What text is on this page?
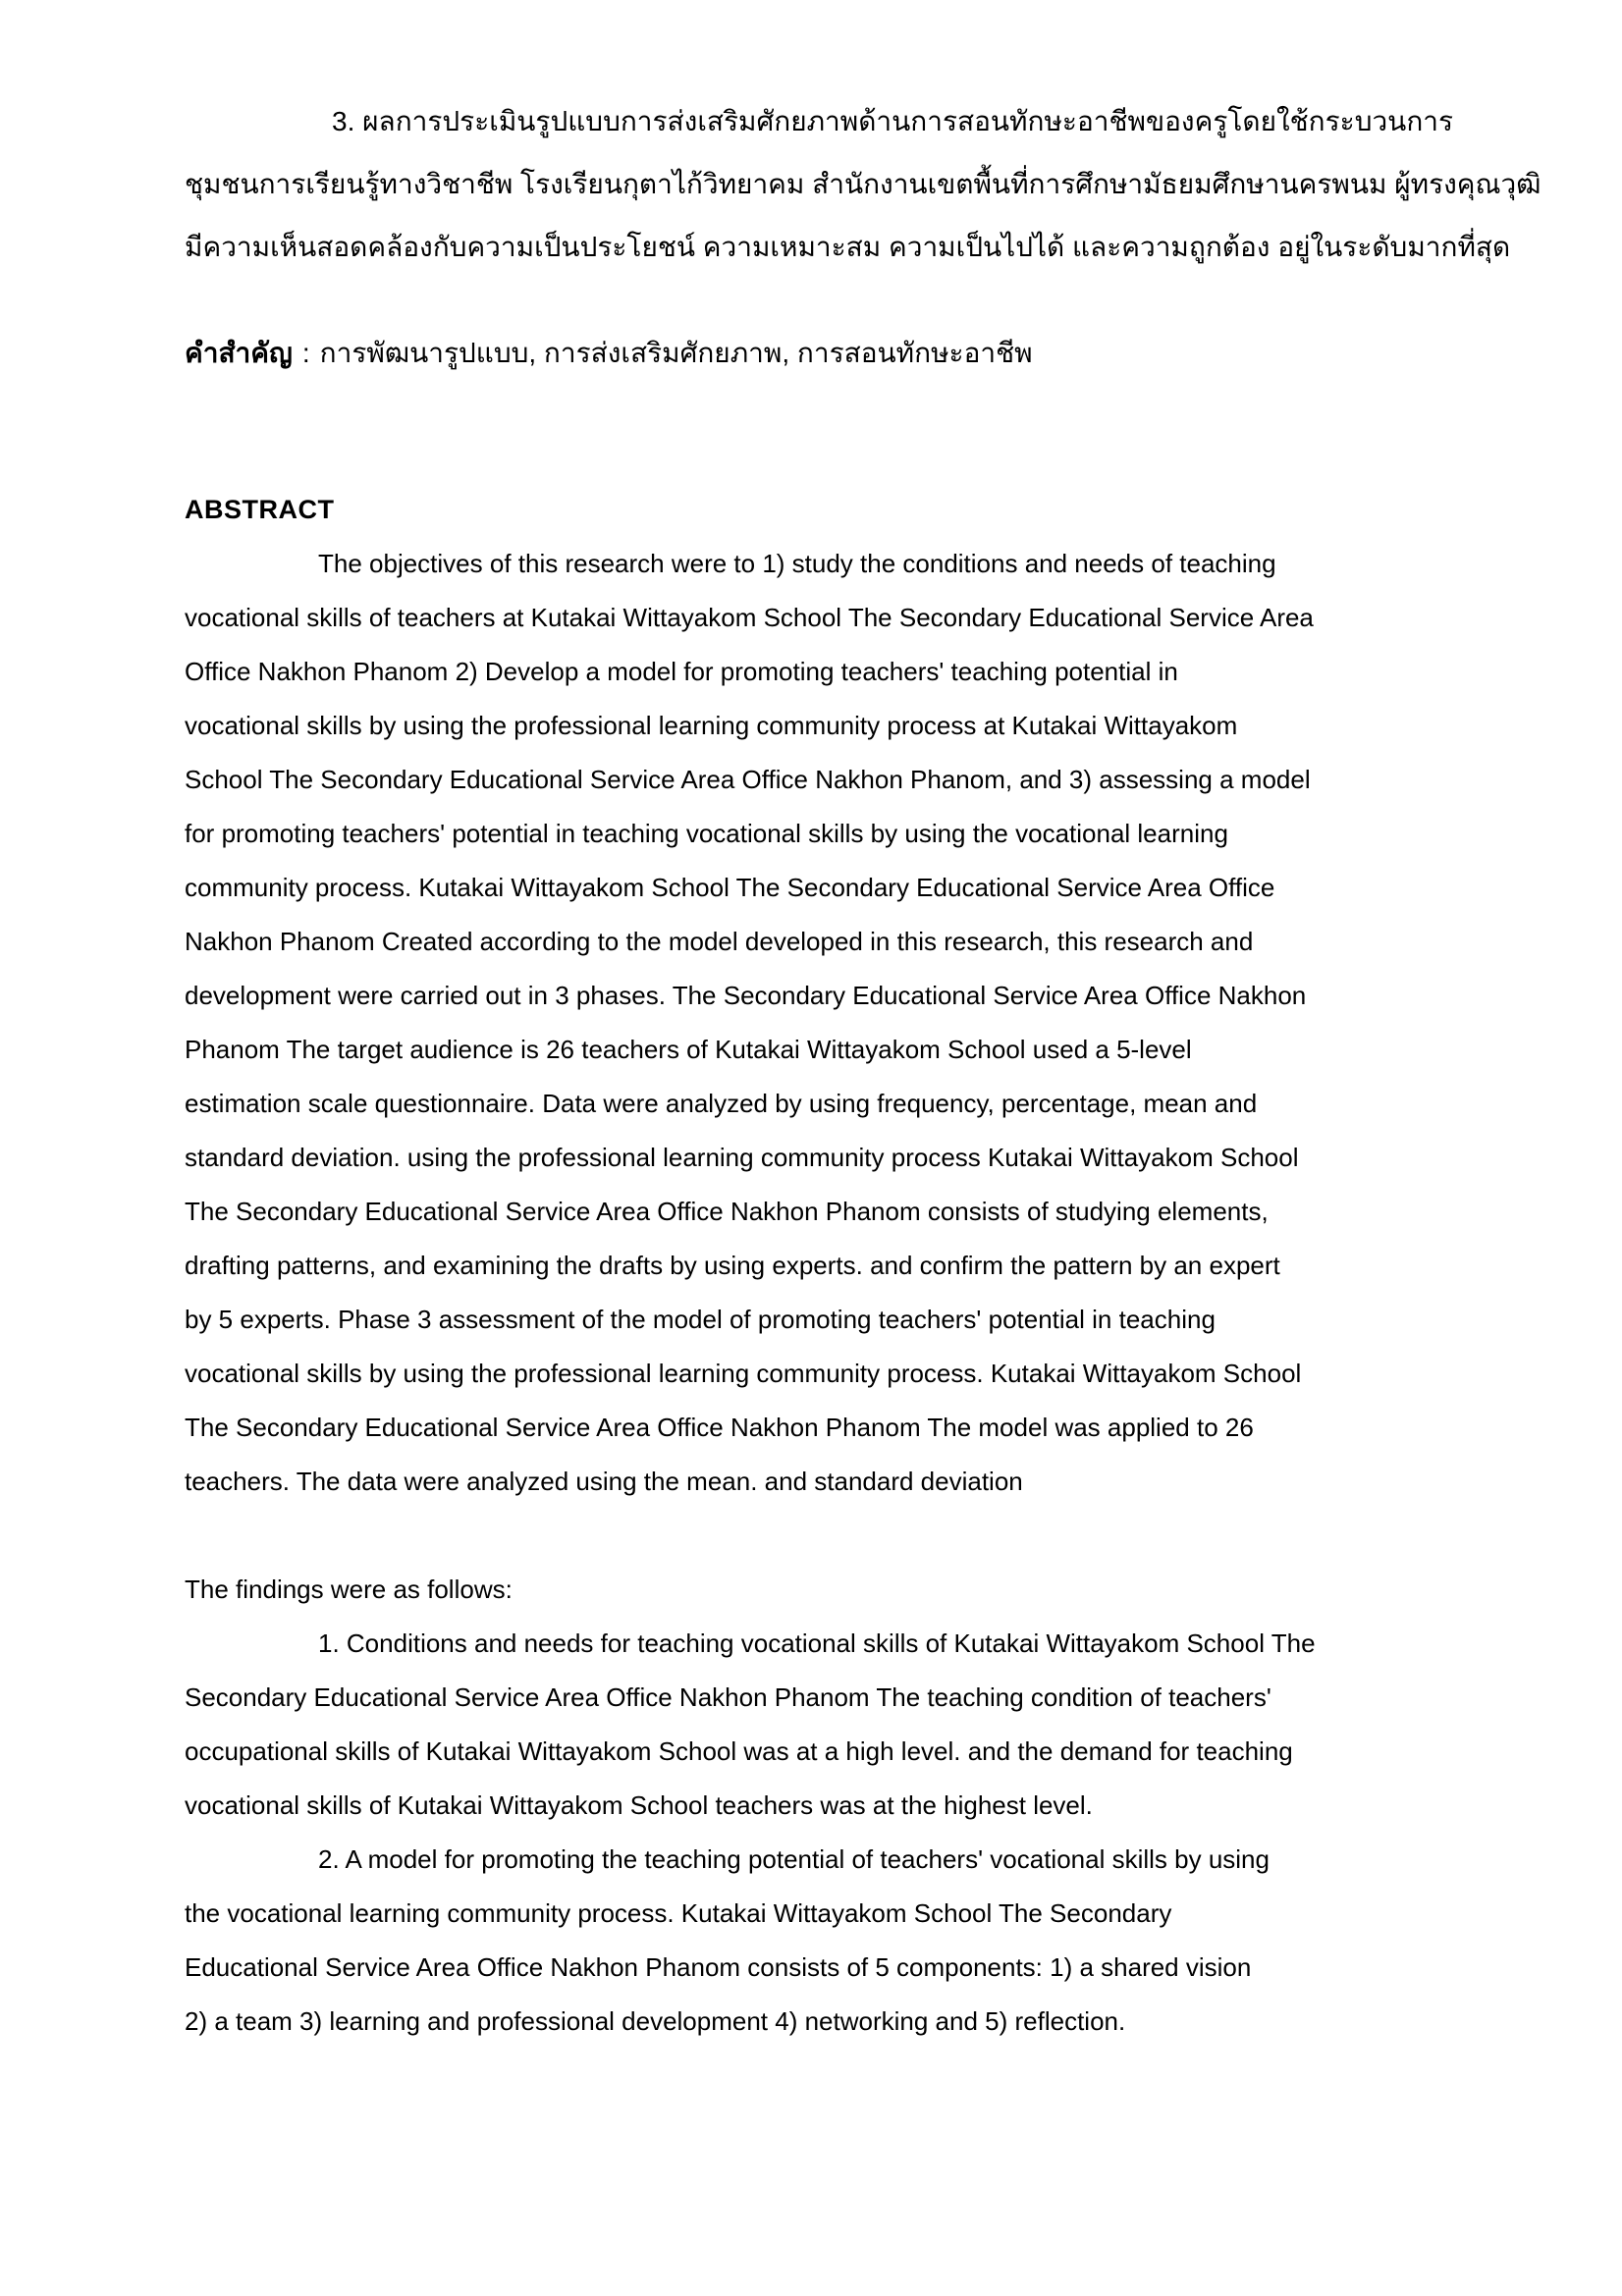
3. ผลการประเมินรูปแบบการส่งเสริมศักยภาพด้านการสอนทักษะอาชีพของครูโดยใช้กระบวนการ
ชุมชนการเรียนรู้ทางวิชาชีพ โรงเรียนกุตาไก้วิทยาคม สำนักงานเขตพื้นที่การศึกษามัธยมศึกษานครพนม ผู้ทรงคุณวุฒิ
มีความเห็นสอดคล้องกับความเป็นประโยชน์ ความเหมาะสม ความเป็นไปได้ และความถูกต้อง อยู่ในระดับมากที่สุด
คำสำคัญ : การพัฒนารูปแบบ, การส่งเสริมศักยภาพ, การสอนทักษะอาชีพ
ABSTRACT
The objectives of this research were to 1) study the conditions and needs of teaching
vocational skills of teachers at Kutakai Wittayakom School The Secondary Educational Service Area
Office Nakhon Phanom 2) Develop a model for promoting teachers' teaching potential in
vocational skills by using the professional learning community process at Kutakai Wittayakom
School The Secondary Educational Service Area Office Nakhon Phanom, and 3) assessing a model
for promoting teachers' potential in teaching vocational skills by using the vocational learning
community process. Kutakai Wittayakom School The Secondary Educational Service Area Office
Nakhon Phanom Created according to the model developed in this research, this research and
development were carried out in 3 phases. The Secondary Educational Service Area Office Nakhon
Phanom The target audience is 26 teachers of Kutakai Wittayakom School used a 5-level
estimation scale questionnaire. Data were analyzed by using frequency, percentage, mean and
standard deviation. using the professional learning community process Kutakai Wittayakom School
The Secondary Educational Service Area Office Nakhon Phanom consists of studying elements,
drafting patterns, and examining the drafts by using experts. and confirm the pattern by an expert
by 5 experts. Phase 3 assessment of the model of promoting teachers' potential in teaching
vocational skills by using the professional learning community process. Kutakai Wittayakom School
The Secondary Educational Service Area Office Nakhon Phanom The model was applied to 26
teachers. The data were analyzed using the mean. and standard deviation
The findings were as follows:
1. Conditions and needs for teaching vocational skills of Kutakai Wittayakom School The
Secondary Educational Service Area Office Nakhon Phanom The teaching condition of teachers'
occupational skills of Kutakai Wittayakom School was at a high level. and the demand for teaching
vocational skills of Kutakai Wittayakom School teachers was at the highest level.
2. A model for promoting the teaching potential of teachers' vocational skills by using
the vocational learning community process. Kutakai Wittayakom School The Secondary
Educational Service Area Office Nakhon Phanom consists of 5 components: 1) a shared vision
2) a team 3) learning and professional development 4) networking and 5) reflection.
